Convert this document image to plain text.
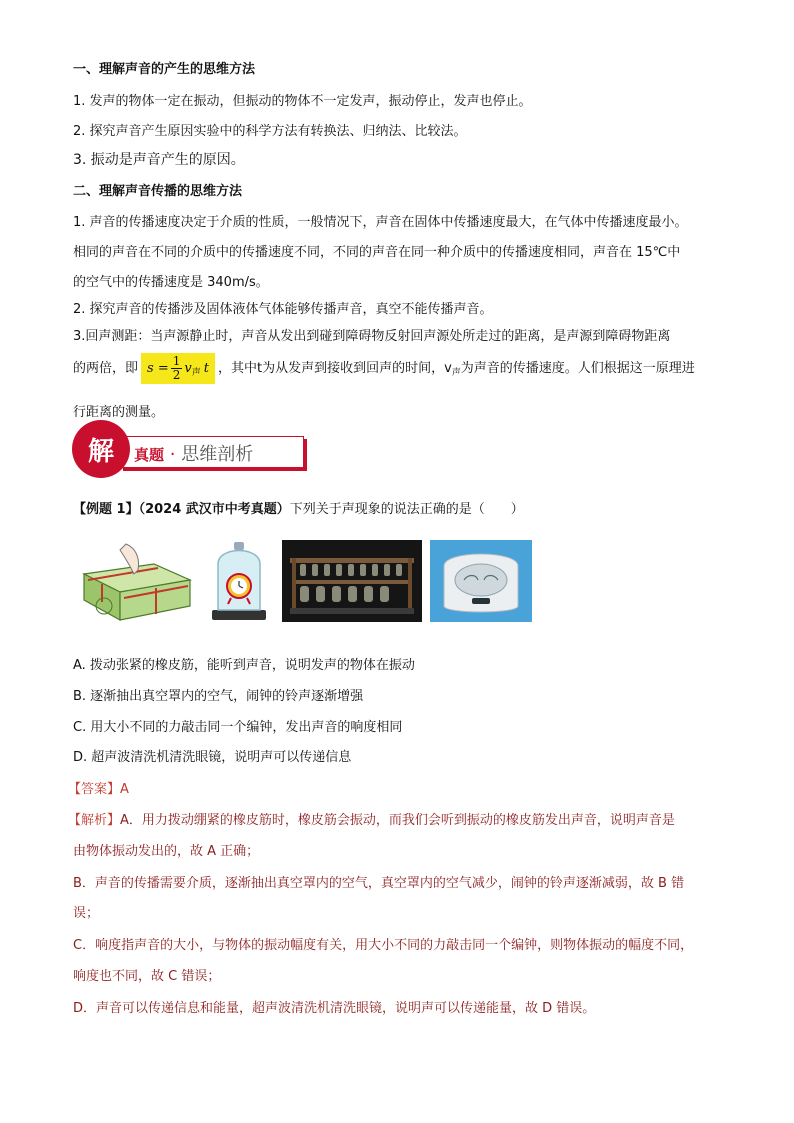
一、理解声音的产生的思维方法
1. 发声的物体一定在振动，但振动的物体不一定发声，振动停止，发声也停止。
2. 探究声音产生原因实验中的科学方法有转换法、归纳法、比较法。
3. 振动是声音产生的原因。
二、理解声音传播的思维方法
1. 声音的传播速度决定于介质的性质，一般情况下，声音在固体中传播速度最大，在气体中传播速度最小。
相同的声音在不同的介质中的传播速度不同，不同的声音在同一种介质中的传播速度相同，声音在 15℃中
的空气中的传播速度是 340m/s。
2. 探究声音的传播涉及固体液体气体能够传播声音，真空不能传播声音。
3.回声测距：当声源静止时，声音从发出到碰到障碍物反射回声源处所走过的距离，是声源到障碍物距离
的两倍，即 $s = \frac{1}{2} v_声$ t ，其中t为从发声到接收到回声的时间，$v_声$为声音的传播速度。人们根据这一原理进
行距离的测量。
解	真题 · 思维剖析
【例题 1】（2024 武汉市中考真题）下列关于声现象的说法正确的是（　　）
A. 拨动张紧的橡皮筋，能听到声音，说明发声的物体在振动
B. 逐渐抽出真空罩内的空气，闹钟的铃声逐渐增强
C. 用大小不同的力敲击同一个编钟，发出声音的响度相同
D. 超声波清洗机清洗眼镜，说明声可以传递信息
【答案】A
【解析】A．用力拨动绷紧的橡皮筋时，橡皮筋会振动，而我们会听到振动的橡皮筋发出声音，说明声音是
由物体振动发出的，故 A 正确；
B．声音的传播需要介质，逐渐抽出真空罩内的空气，真空罩内的空气减少，闹钟的铃声逐渐减弱，故 B 错
误；
C．响度指声音的大小，与物体的振动幅度有关，用大小不同的力敲击同一个编钟，则物体振动的幅度不同，
响度也不同，故 C 错误；
D．声音可以传递信息和能量，超声波清洗机清洗眼镜，说明声可以传递能量，故 D 错误。
